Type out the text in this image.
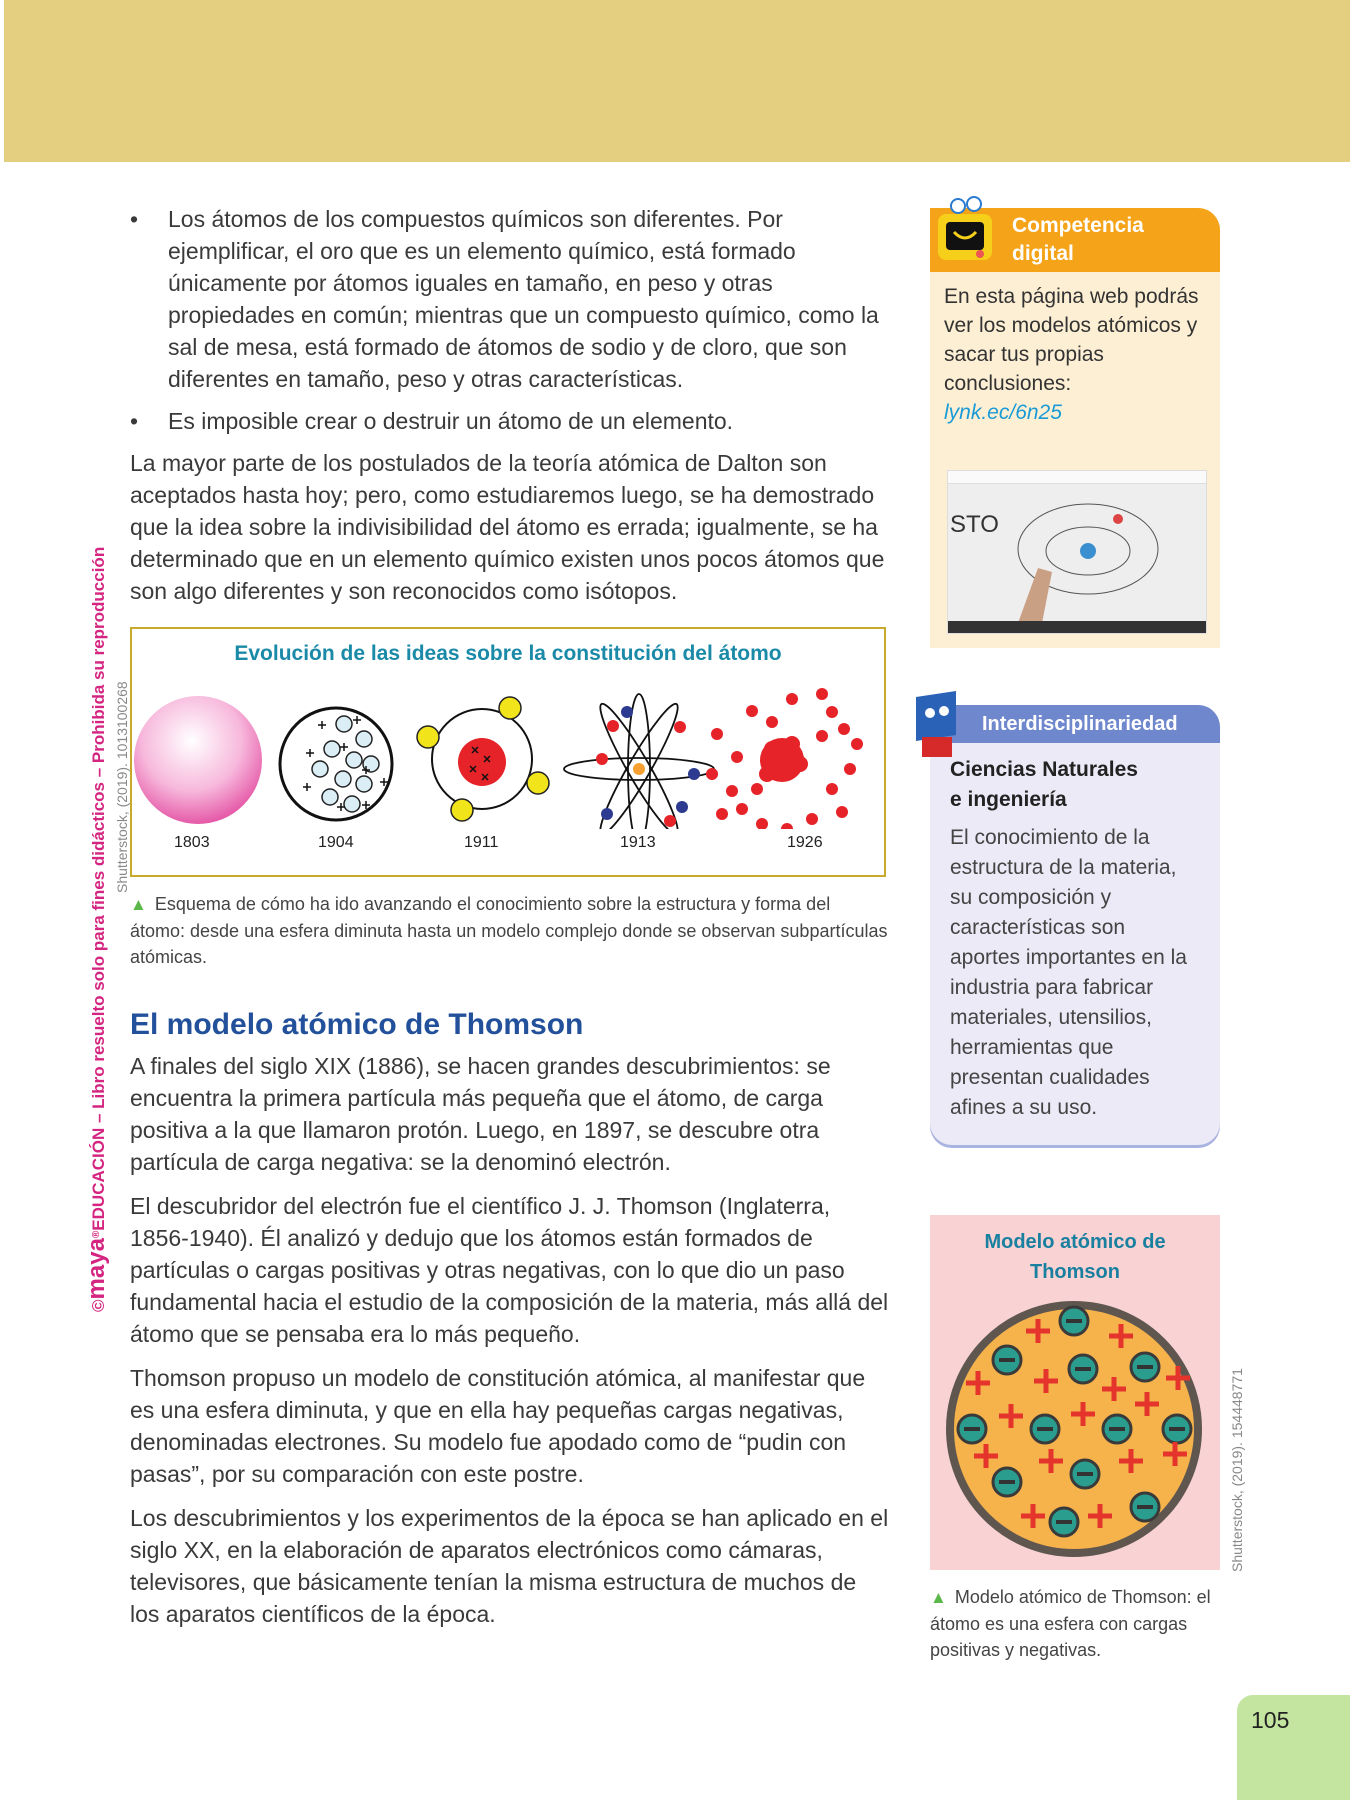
©maya®EDUCACIÓN – Libro resuelto solo para fines didácticos – Prohibida su reproducción Shutterstock, (2019). 1013100268
• Los átomos de los compuestos químicos son diferentes. Por ejemplificar, el oro que es un elemento químico, está formado únicamente por átomos iguales en tamaño, en peso y otras propiedades en común; mientras que un compuesto químico, como la sal de mesa, está formado de átomos de sodio y de cloro, que son diferentes en tamaño, peso y otras características.
• Es imposible crear o destruir un átomo de un elemento.

La mayor parte de los postulados de la teoría atómica de Dalton son aceptados hasta hoy; pero, como estudiaremos luego, se ha demostrado que la idea sobre la indivisibilidad del átomo es errada; igualmente, se ha determinado que en un elemento químico existen unos pocos átomos que son algo diferentes y son reconocidos como isótopos.

Evolución de las ideas sobre la constitución del átomo
1803	1904	1911	1913	1926
▲ Esquema de cómo ha ido avanzando el conocimiento sobre la estructura y forma del átomo: desde una esfera diminuta hasta un modelo complejo donde se observan subpartículas atómicas.
El modelo atómico de Thomson

A finales del siglo XIX (1886), se hacen grandes descubrimientos: se encuentra la primera partícula más pequeña que el átomo, de carga positiva a la que llamaron protón. Luego, en 1897, se descubre otra partícula de carga negativa: se la denominó electrón.

El descubridor del electrón fue el científico J. J. Thomson (Inglaterra, 1856-1940). Él analizó y dedujo que los átomos están formados de partículas o cargas positivas y otras negativas, con lo que dio un paso fundamental hacia el estudio de la composición de la materia, más allá del átomo que se pensaba era lo más pequeño.

Thomson propuso un modelo de constitución atómica, al manifestar que es una esfera diminuta, y que en ella hay pequeñas cargas negativas, denominadas electrones. Su modelo fue apodado como de “pudin con pasas”, por su comparación con este postre.

Los descubrimientos y los experimentos de la época se han aplicado en el siglo XX, en la elaboración de aparatos electrónicos como cámaras, televisores, que básicamente tenían la misma estructura de muchos de los aparatos científicos de la época.

Competencia
digital
En esta página web podrás ver los modelos atómicos y sacar tus propias conclusiones:
lynk.ec/6n25
STO
Interdisciplinariedad
Ciencias Naturales
e ingeniería
El conocimiento de la estructura de la materia, su composición y características son aportes importantes en la industria para fabricar materiales, utensilios, herramientas que presentan cualidades afines a su uso.
Modelo atómico de Thomson
Shutterstock, (2019). 154448771
▲ Modelo atómico de Thomson: el átomo es una esfera con cargas positivas y negativas.
105
